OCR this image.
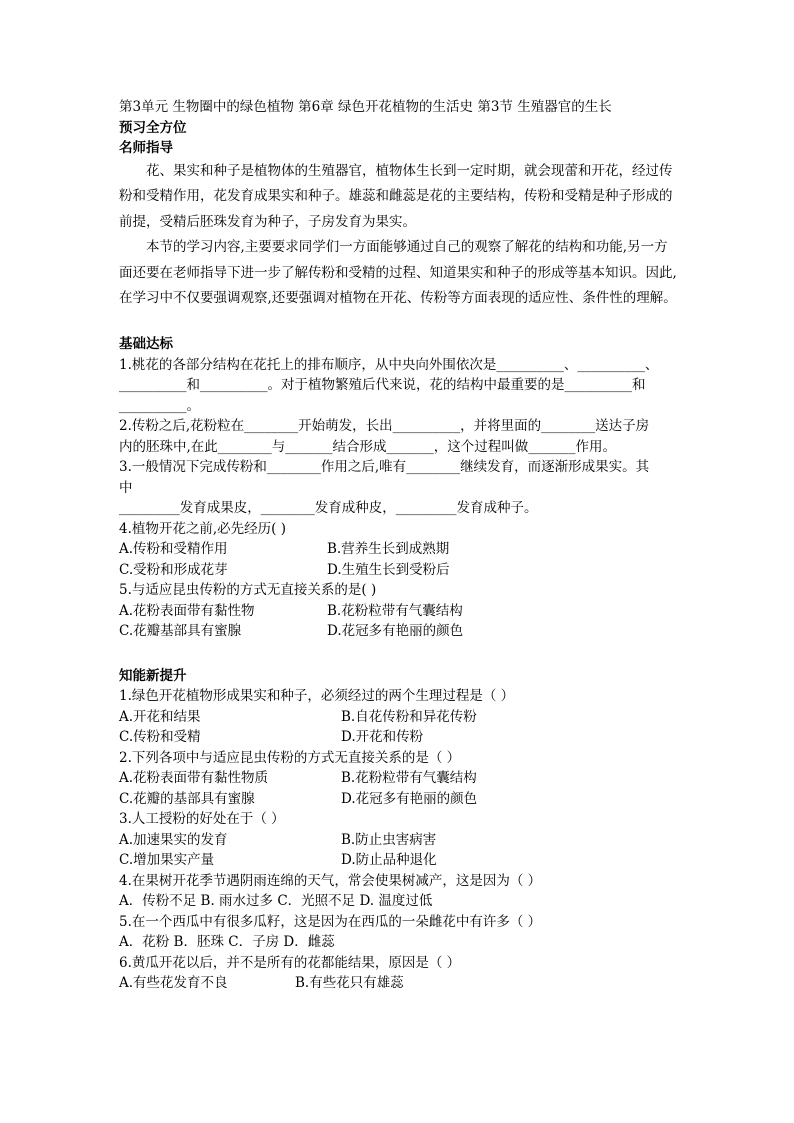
第3单元 生物圈中的绿色植物 第6章 绿色开花植物的生活史 第3节 生殖器官的生长
预习全方位
名师指导
花、果实和种子是植物体的生殖器官，植物体生长到一定时期，就会现蕾和开花，经过传粉和受精作用，花发育成果实和种子。雄蕊和雌蕊是花的主要结构，传粉和受精是种子形成的前提，受精后胚珠发育为种子，子房发育为果实。
本节的学习内容,主要要求同学们一方面能够通过自己的观察了解花的结构和功能,另一方面还要在老师指导下进一步了解传粉和受精的过程、知道果实和种子的形成等基本知识。因此,在学习中不仅要强调观察,还要强调对植物在开花、传粉等方面表现的适应性、条件性的理解。
基础达标
1.桃花的各部分结构在花托上的排布顺序，从中央向外围依次是__________、__________、
__________和__________。对于植物繁殖后代来说，花的结构中最重要的是__________和
__________。
2.传粉之后,花粉粒在________开始萌发，长出__________，并将里面的________送达子房
内的胚珠中,在此________与_______结合形成_______，这个过程叫做_______作用。
3.一般情况下完成传粉和________作用之后,唯有________继续发育，而逐渐形成果实。其
中
_________发育成果皮，________发育成种皮，_________发育成种子。
4.植物开花之前,必先经历( )
A.传粉和受精作用	B.营养生长到成熟期
C.受粉和形成花芽	D.生殖生长到受粉后
5.与适应昆虫传粉的方式无直接关系的是( )
A.花粉表面带有黏性物	B.花粉粒带有气囊结构
C.花瓣基部具有蜜腺	D.花冠多有艳丽的颜色
知能新提升
1.绿色开花植物形成果实和种子，必须经过的两个生理过程是（ ）
A.开花和结果	B.自花传粉和异花传粉
C.传粉和受精	D.开花和传粉
2.下列各项中与适应昆虫传粉的方式无直接关系的是（ ）
A.花粉表面带有黏性物质	B.花粉粒带有气囊结构
C.花瓣的基部具有蜜腺	D.花冠多有艳丽的颜色
3.人工授粉的好处在于（ ）
A.加速果实的发育	B.防止虫害病害
C.增加果实产量	D.防止品种退化
4.在果树开花季节遇阴雨连绵的天气，常会使果树减产，这是因为（ ）
A．传粉不足 B. 雨水过多 C．光照不足 D. 温度过低
5.在一个西瓜中有很多瓜籽，这是因为在西瓜的一朵雌花中有许多（ ）
A．花粉 B．胚珠 C．子房 D．雌蕊
6.黄瓜开花以后，并不是所有的花都能结果，原因是（ ）
A.有些花发育不良	B.有些花只有雄蕊
